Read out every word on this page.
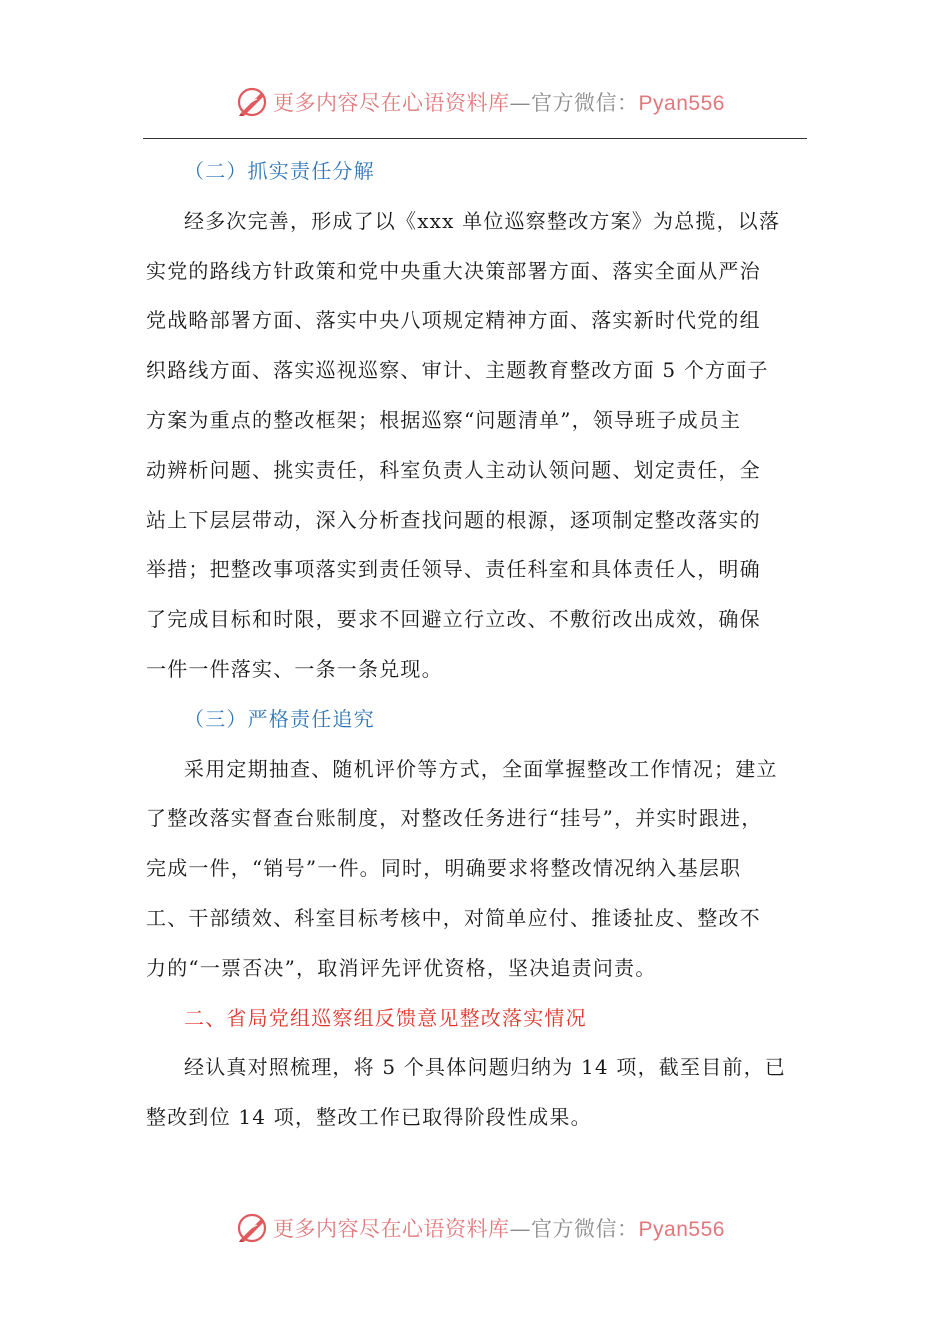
更多内容尽在心语资料库—官方微信：Pyan556
（二）抓实责任分解
经多次完善，形成了以《xxx 单位巡察整改方案》为总揽，以落
实党的路线方针政策和党中央重大决策部署方面、落实全面从严治
党战略部署方面、落实中央八项规定精神方面、落实新时代党的组
织路线方面、落实巡视巡察、审计、主题教育整改方面 5 个方面子
方案为重点的整改框架；根据巡察“问题清单”，领导班子成员主
动辨析问题、挑实责任，科室负责人主动认领问题、划定责任，全
站上下层层带动，深入分析查找问题的根源，逐项制定整改落实的
举措；把整改事项落实到责任领导、责任科室和具体责任人，明确
了完成目标和时限，要求不回避立行立改、不敷衍改出成效，确保
一件一件落实、一条一条兑现。
（三）严格责任追究
采用定期抽查、随机评价等方式，全面掌握整改工作情况；建立
了整改落实督查台账制度，对整改任务进行“挂号”，并实时跟进，
完成一件，“销号”一件。同时，明确要求将整改情况纳入基层职
工、干部绩效、科室目标考核中，对简单应付、推诿扯皮、整改不
力的“一票否决”，取消评先评优资格，坚决追责问责。
二、省局党组巡察组反馈意见整改落实情况
经认真对照梳理，将 5 个具体问题归纳为 14 项，截至目前，已
整改到位 14 项，整改工作已取得阶段性成果。
更多内容尽在心语资料库—官方微信：Pyan556
